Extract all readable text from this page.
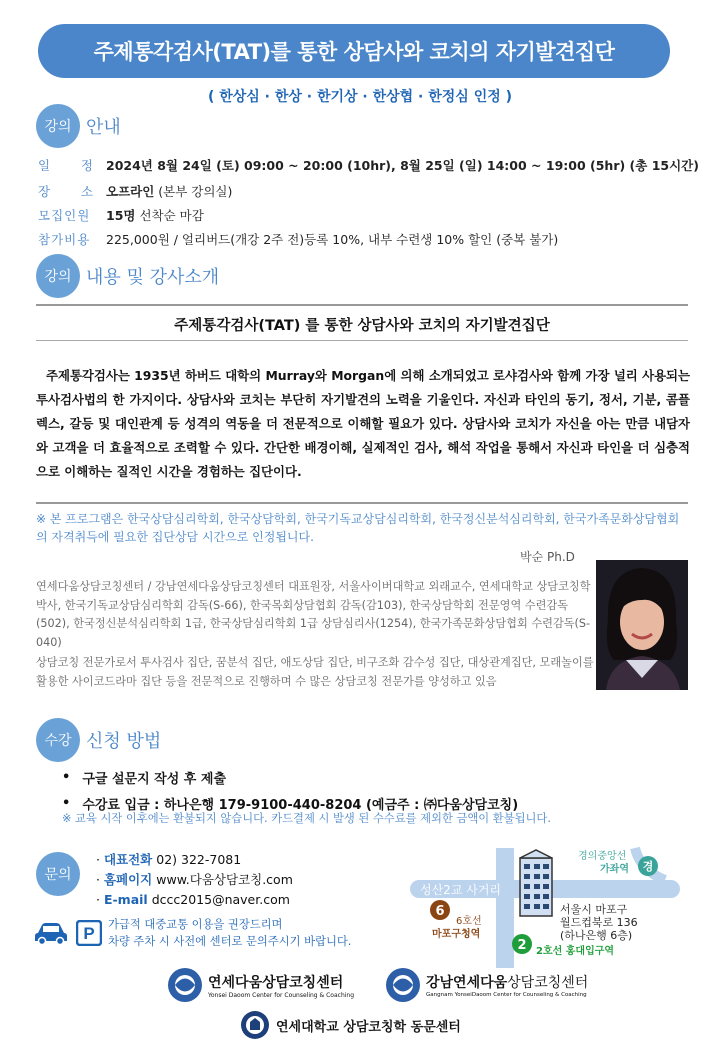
주제통각검사(TAT)를 통한 상담사와 코치의 자기발견집단
( 한상심 · 한상 · 한기상 · 한상협 · 한정심 인정 )
강의 안내
일      정 2024년 8월 24일 (토) 09:00 ~ 20:00 (10hr), 8월 25일 (일) 14:00 ~ 19:00 (5hr) (총 15시간)
장      소 오프라인 (본부 강의실)
모집인원	15명 선착순 마감
참가비용	225,000원 / 얼리버드(개강 2주 전)등록 10%, 내부 수련생 10% 할인 (중복 불가)
강의 내용 및 강사소개
주제통각검사(TAT) 를 통한 상담사와 코치의 자기발견집단
주제통각검사는 1935년 하버드 대학의 Murray와 Morgan에 의해 소개되었고 로샤검사와 함께 가장 널리 사용되는 투사검사법의 한 가지이다. 상담사와 코치는 부단히 자기발견의 노력을 기울인다. 자신과 타인의 동기, 정서, 기분, 콤플렉스, 갈등 및 대인관계 등 성격의 역동을 더 전문적으로 이해할 필요가 있다. 상담사와 코치가 자신을 아는 만큼 내담자와 고객을 더 효율적으로 조력할 수 있다. 간단한 배경이해, 실제적인 검사, 해석 작업을 통해서 자신과 타인을 더 심층적으로 이해하는 질적인 시간을 경험하는 집단이다.
※ 본 프로그램은 한국상담심리학회, 한국상담학회, 한국기독교상담심리학회, 한국정신분석심리학회, 한국가족문화상담협회의 자격취득에 필요한 집단상담 시간으로 인정됩니다.
박순 Ph.D
연세다움상담코칭센터 / 강남연세다움상담코칭센터 대표원장, 서울사이버대학교 외래교수, 연세대학교 상담코칭학 박사, 한국기독교상담심리학회 감독(S-66), 한국목회상담협회 감독(감103), 한국상담학회 전문영역 수련감독(502), 한국정신분석심리학회 1급, 한국상담심리학회 1급 상담심리사(1254), 한국가족문화상담협회 수련감독(S-040)
상담코칭 전문가로서 투사검사 집단, 꿈분석 집단, 애도상담 집단, 비구조화 감수성 집단, 대상관계집단, 모래놀이를 활용한 사이코드라마 집단 등을 전문적으로 진행하며 수 많은 상담코칭 전문가를 양성하고 있음
수강 신청 방법
• 구글 설문지 작성 후 제출
• 수강료 입금 : 하나은행 179-9100-440-8204 (예금주 : ㈜다움상담코칭)
※ 교육 시작 이후에는 환불되지 않습니다. 카드결제 시 발생 된 수수료를 제외한 금액이 환불됩니다.
문의
· 대표전화 02) 322-7081
· 홈페이지 www.다움상담코칭.com
· E-mail dccc2015@naver.com
P 가급적 대중교통 이용을 권장드리며
차량 주차 시 사전에 센터로 문의주시기 바랍니다.
성산2교 사거리
6
6호선
마포구청역
2 2호선 홍대입구역
경의중앙선
가좌역 경
서울시 마포구
월드컵북로 136
(하나은행 6층)
연세다움상담코칭센터
Yonsei Daoom Center for Counseling & Coaching
강남연세다움상담코칭센터
Gangnam YonseiDaoom Center for Counseling & Coaching
연세대학교 상담코칭학 동문센터
